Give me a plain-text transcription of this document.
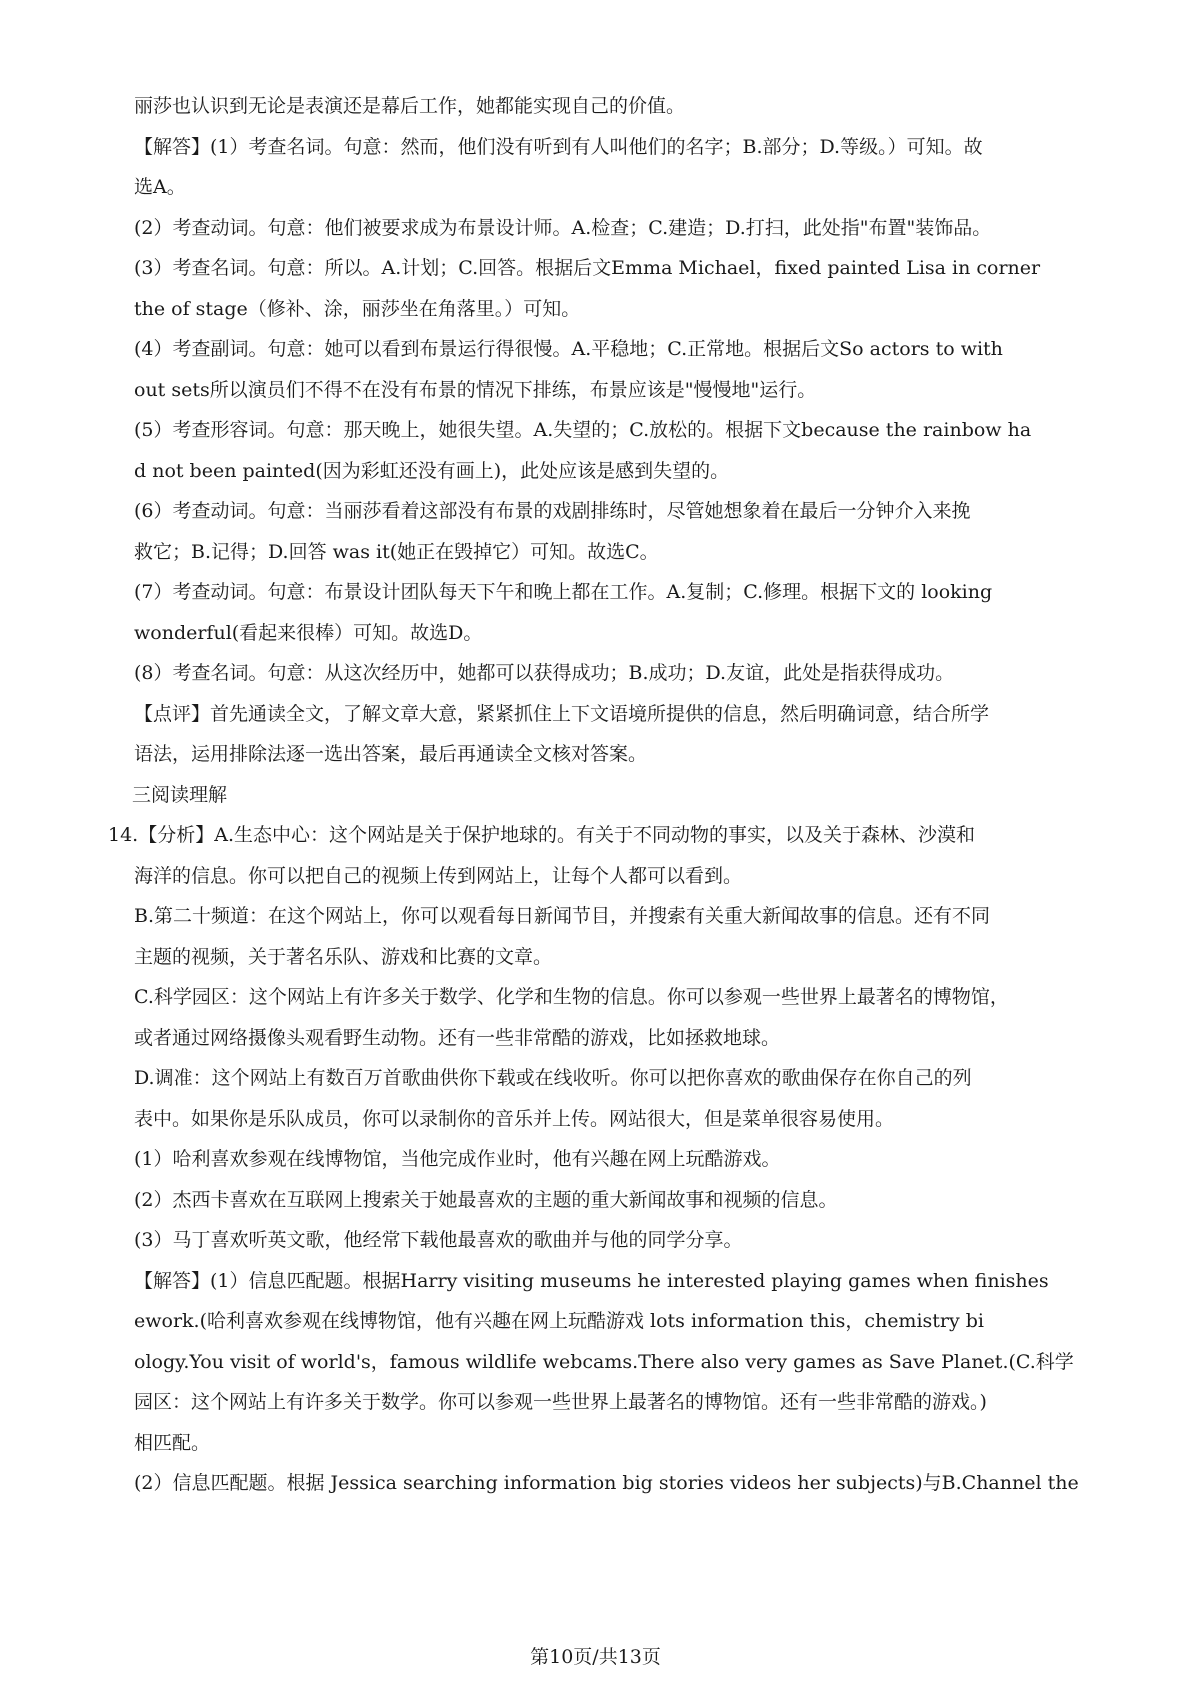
丽莎也认识到无论是表演还是幕后工作，她都能实现自己的价值。
【解答】(1）考查名词。句意：然而，他们没有听到有人叫他们的名字；B.部分；D.等级。）可知。故
选A。
(2）考查动词。句意：他们被要求成为布景设计师。A.检查；C.建造；D.打扫，此处指"布置"装饰品。
(3）考查名词。句意：所以。A.计划；C.回答。根据后文Emma Michael，fixed painted Lisa in corner
the of stage（修补、涂，丽莎坐在角落里。）可知。
(4）考查副词。句意：她可以看到布景运行得很慢。A.平稳地；C.正常地。根据后文So actors to with
out sets所以演员们不得不在没有布景的情况下排练，布景应该是"慢慢地"运行。
(5）考查形容词。句意：那天晚上，她很失望。A.失望的；C.放松的。根据下文because the rainbow ha
d not been painted(因为彩虹还没有画上)，此处应该是感到失望的。
(6）考查动词。句意：当丽莎看着这部没有布景的戏剧排练时，尽管她想象着在最后一分钟介入来挽
救它；B.记得；D.回答 was it(她正在毁掉它）可知。故选C。
(7）考查动词。句意：布景设计团队每天下午和晚上都在工作。A.复制；C.修理。根据下文的 looking
wonderful(看起来很棒）可知。故选D。
(8）考查名词。句意：从这次经历中，她都可以获得成功；B.成功；D.友谊，此处是指获得成功。
【点评】首先通读全文，了解文章大意，紧紧抓住上下文语境所提供的信息，然后明确词意，结合所学
语法，运用排除法逐一选出答案，最后再通读全文核对答案。
三阅读理解
14.【分析】A.生态中心：这个网站是关于保护地球的。有关于不同动物的事实，以及关于森林、沙漠和
海洋的信息。你可以把自己的视频上传到网站上，让每个人都可以看到。
B.第二十频道：在这个网站上，你可以观看每日新闻节目，并搜索有关重大新闻故事的信息。还有不同
主题的视频，关于著名乐队、游戏和比赛的文章。
C.科学园区：这个网站上有许多关于数学、化学和生物的信息。你可以参观一些世界上最著名的博物馆，
或者通过网络摄像头观看野生动物。还有一些非常酷的游戏，比如拯救地球。
D.调准：这个网站上有数百万首歌曲供你下载或在线收听。你可以把你喜欢的歌曲保存在你自己的列
表中。如果你是乐队成员，你可以录制你的音乐并上传。网站很大，但是菜单很容易使用。
(1）哈利喜欢参观在线博物馆，当他完成作业时，他有兴趣在网上玩酷游戏。
(2）杰西卡喜欢在互联网上搜索关于她最喜欢的主题的重大新闻故事和视频的信息。
(3）马丁喜欢听英文歌，他经常下载他最喜欢的歌曲并与他的同学分享。
【解答】(1）信息匹配题。根据Harry visiting museums he interested playing games when finishes
ework.(哈利喜欢参观在线博物馆，他有兴趣在网上玩酷游戏 lots information this，chemistry bi
ology.You visit of world's，famous wildlife webcams.There also very games as Save Planet.(C.科学
园区：这个网站上有许多关于数学。你可以参观一些世界上最著名的博物馆。还有一些非常酷的游戏。)
相匹配。
(2）信息匹配题。根据 Jessica searching information big stories videos her subjects)与B.Channel the
第10页/共13页
